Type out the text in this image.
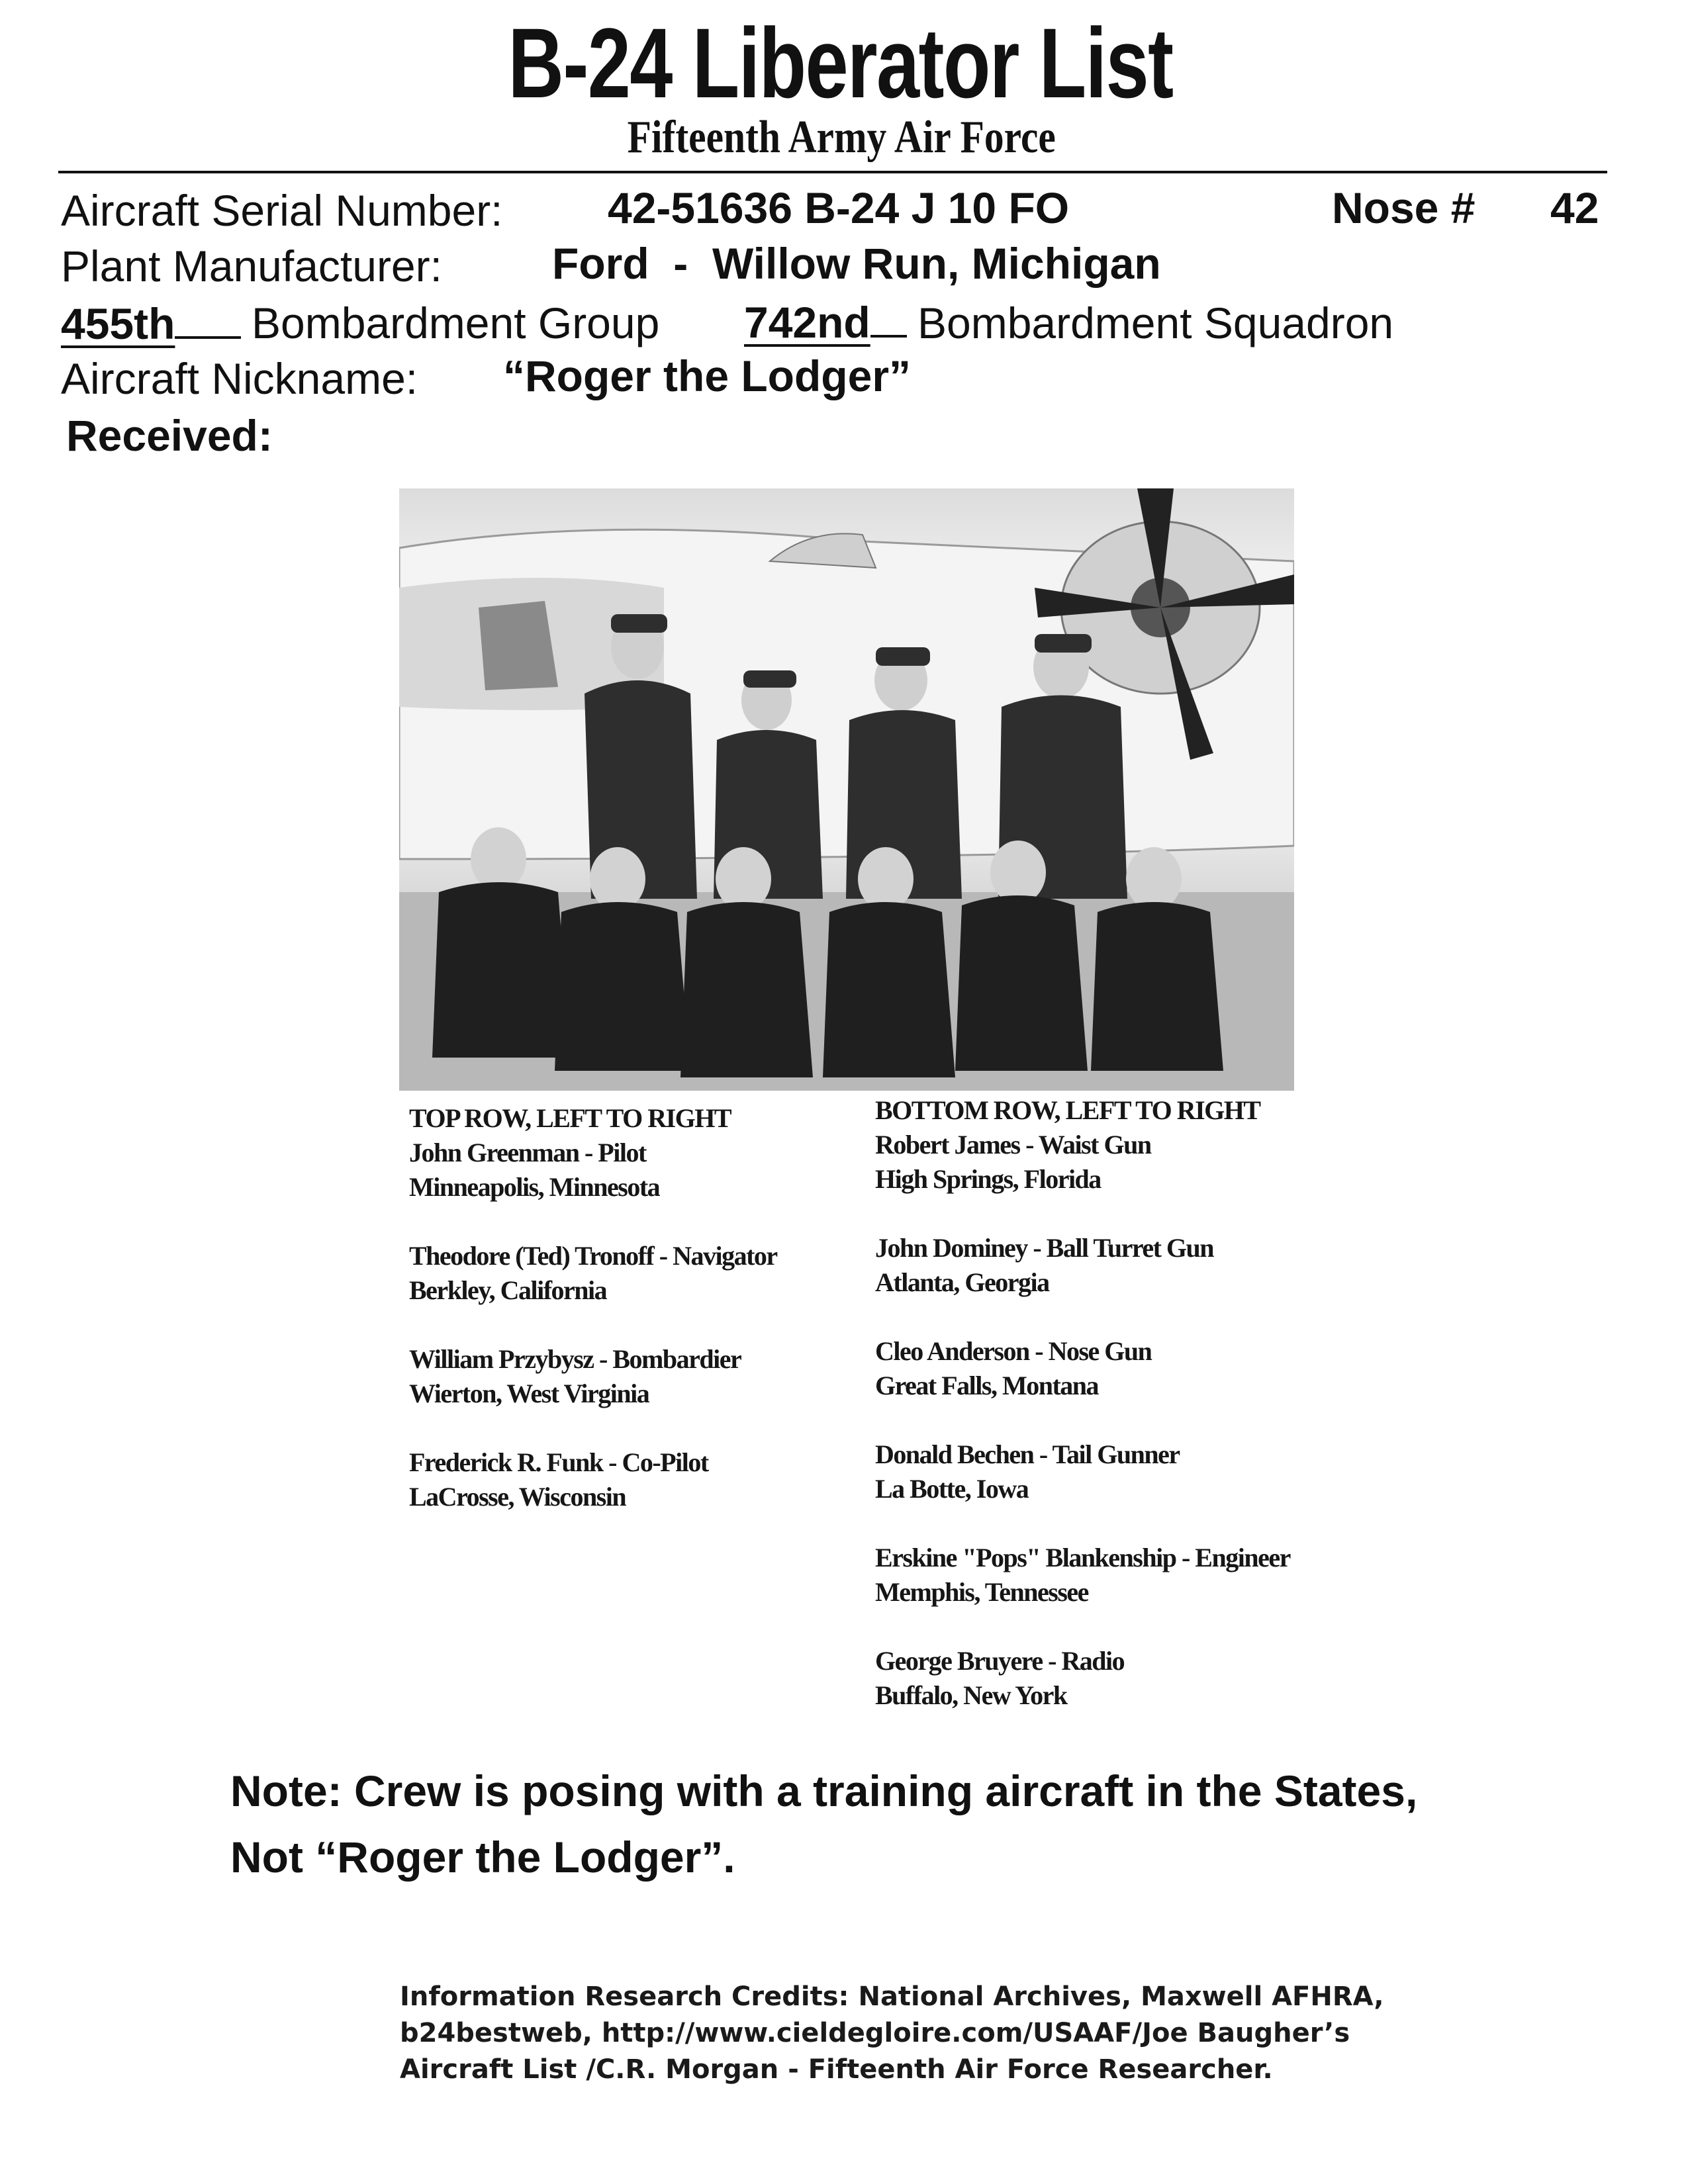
B-24 Liberator List
Fifteenth Army Air Force
Aircraft Serial Number: 42-51636 B-24 J 10 FO	Nose # 42
Plant Manufacturer:	Ford  -  Willow Run, Michigan
455th	Bombardment Group 742nd	Bombardment Squadron
Aircraft Nickname: “Roger the Lodger”
Received:
TOP ROW, LEFT TO RIGHT
John Greenman - Pilot
Minneapolis, Minnesota
Theodore (Ted) Tronoff - Navigator
Berkley, California
William Przybysz - Bombardier
Wierton, West Virginia
Frederick R. Funk - Co-Pilot
LaCrosse, Wisconsin
BOTTOM ROW, LEFT TO RIGHT
Robert James - Waist Gun
High Springs, Florida
John Dominey - Ball Turret Gun
Atlanta, Georgia
Cleo Anderson - Nose Gun
Great Falls, Montana
Donald Bechen - Tail Gunner
La Botte, Iowa
Erskine "Pops" Blankenship - Engineer
Memphis, Tennessee
George Bruyere - Radio
Buffalo, New York
Note: Crew is posing with a training aircraft in the States,
Not “Roger the Lodger”.
Information Research Credits: National Archives, Maxwell AFHRA,
b24bestweb, http://www.cieldegloire.com/USAAF/Joe Baugher’s
Aircraft List /C.R. Morgan - Fifteenth Air Force Researcher.
